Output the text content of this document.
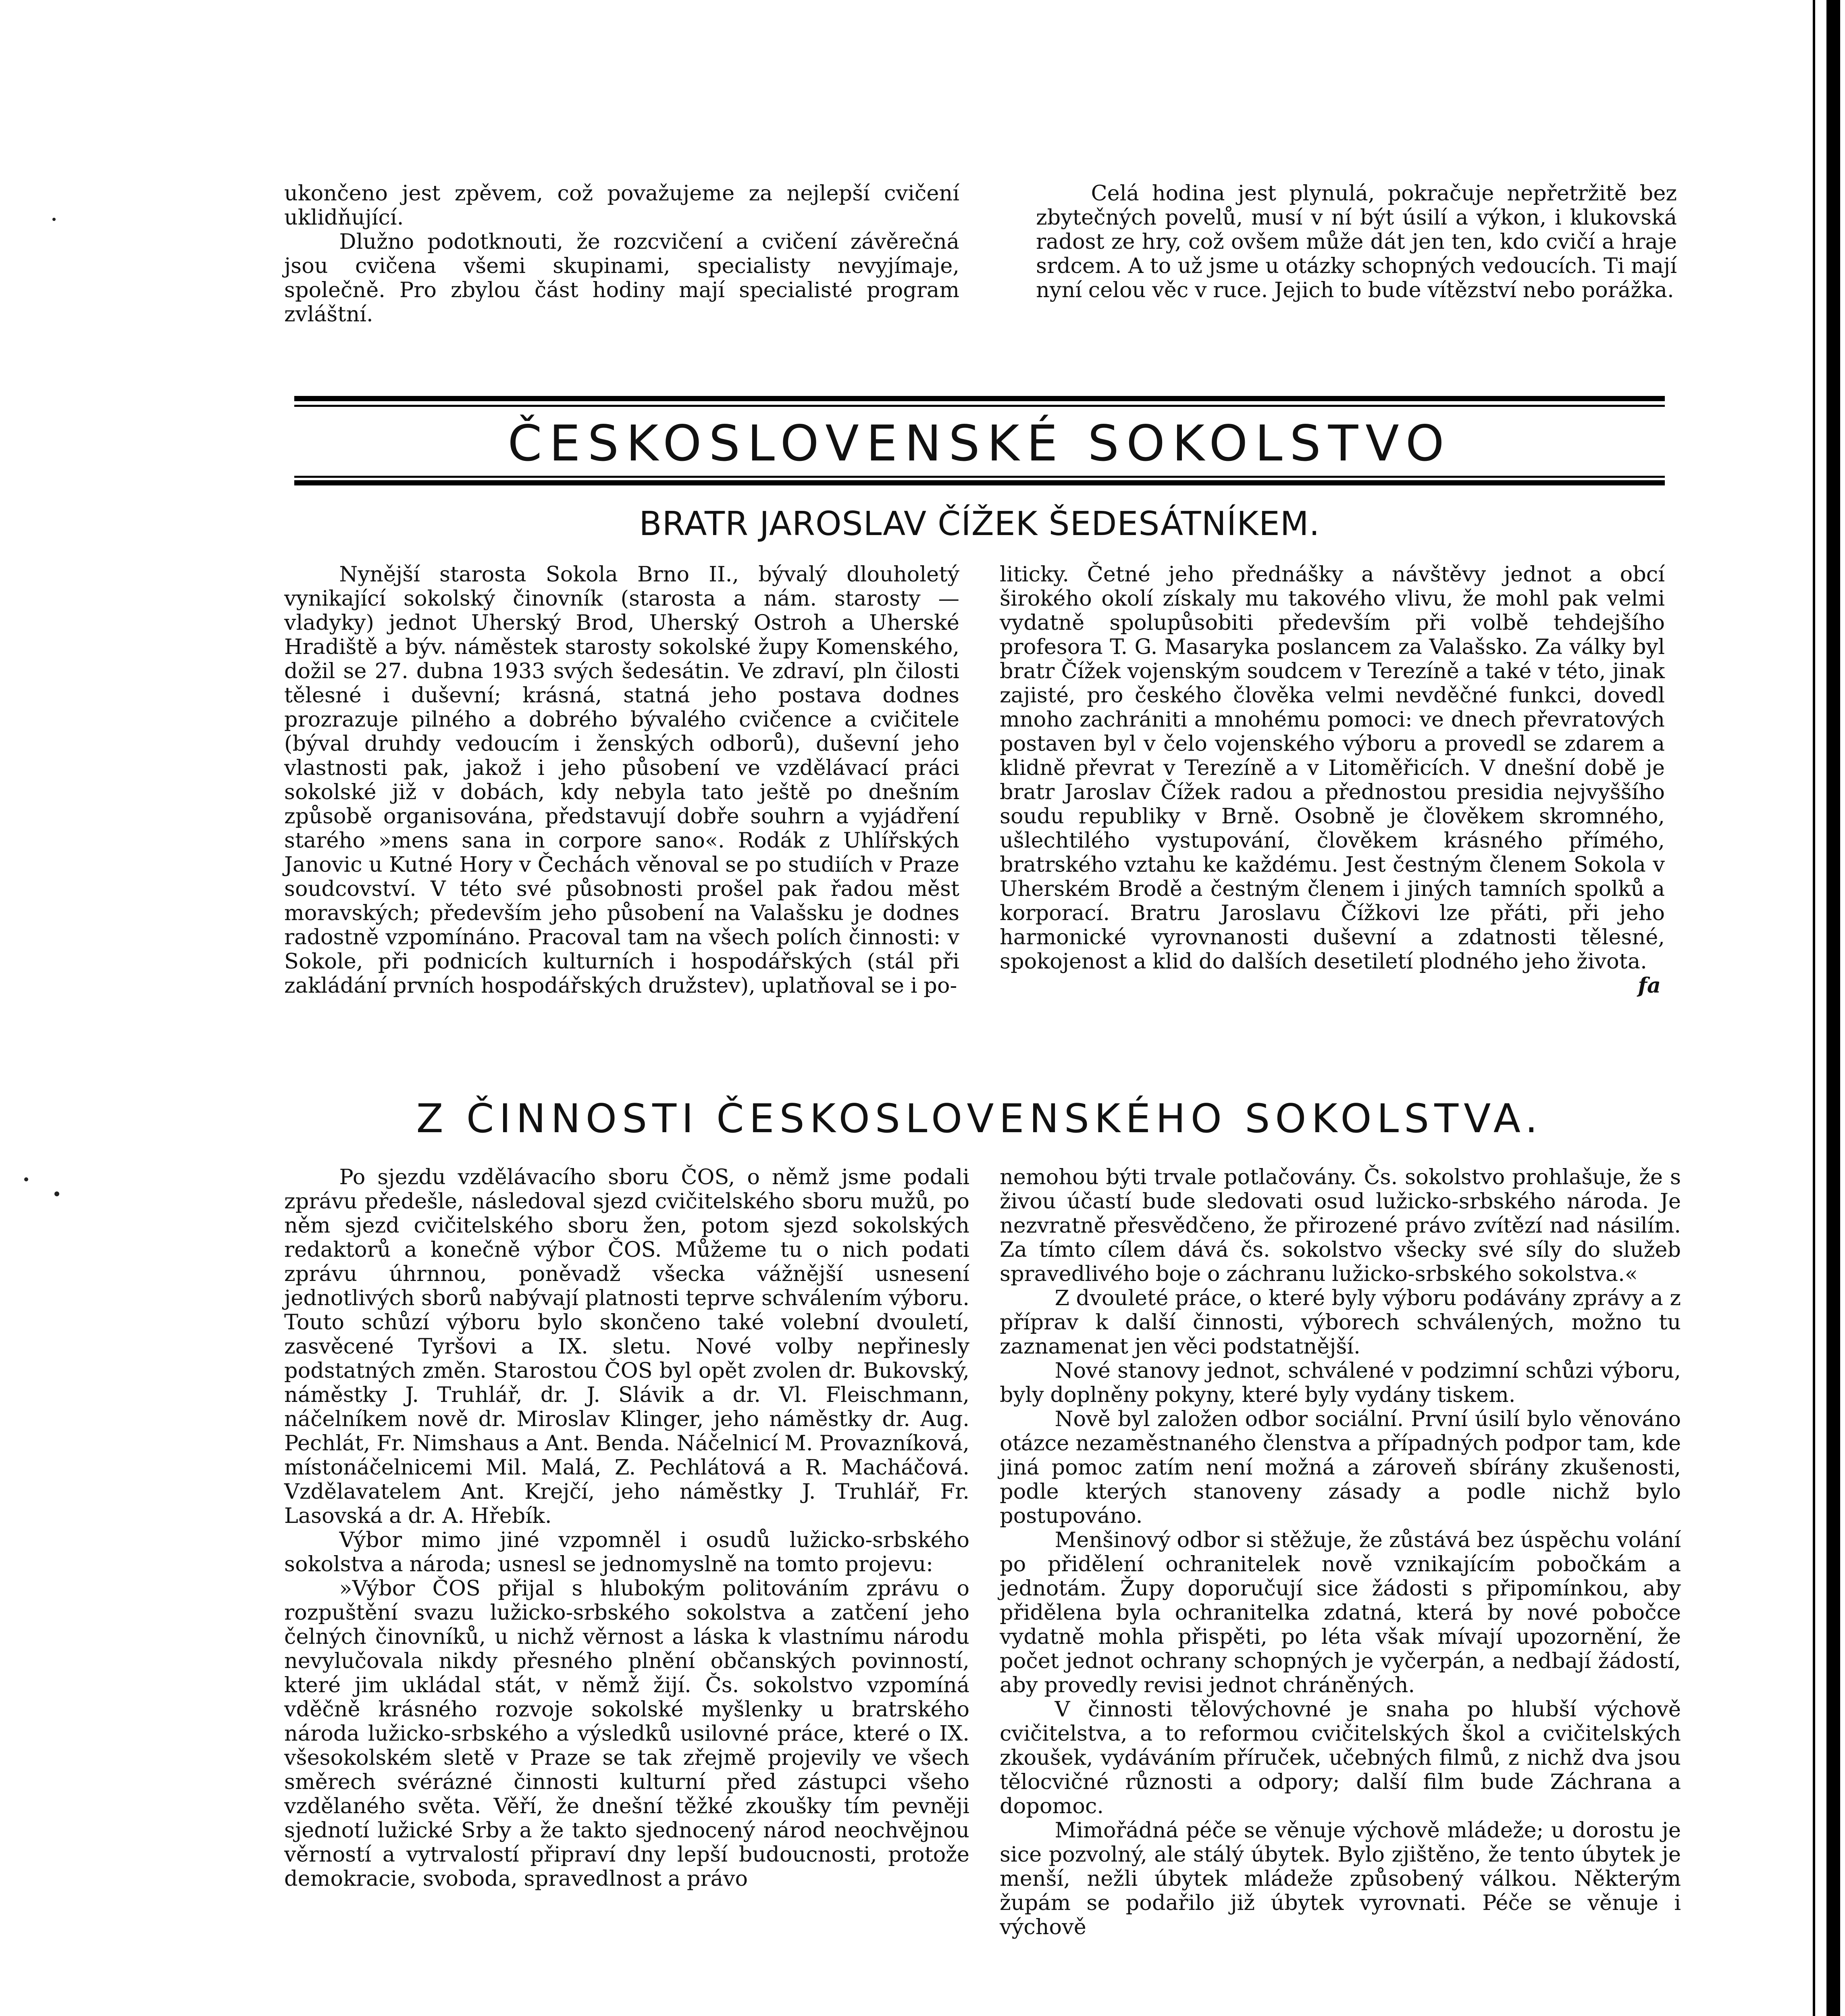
ukončeno jest zpěvem, což považujeme za nejlepší cvičení uklidňující.

Dlužno podotknouti, že rozcvičení a cvičení závěrečná jsou cvičena všemi skupinami, specialisty nevyjímaje, společně. Pro zbylou část hodiny mají specialisté program zvláštní.

Celá hodina jest plynulá, pokračuje nepřetržitě bez zbytečných povelů, musí v ní být úsilí a výkon, i klukovská radost ze hry, což ovšem může dát jen ten, kdo cvičí a hraje srdcem. A to už jsme u otázky schopných vedoucích. Ti mají nyní celou věc v ruce. Jejich to bude vítězství nebo porážka.

ČESKOSLOVENSKÉ SOKOLSTVO
BRATR JAROSLAV ČÍŽEK ŠEDESÁTNÍKEM.

Nynější starosta Sokola Brno II., bývalý dlouholetý vynikající sokolský činovník (starosta a nám. starosty — vladyky) jednot Uherský Brod, Uherský Ostroh a Uherské Hradiště a býv. náměstek starosty sokolské župy Komenského, dožil se 27. dubna 1933 svých šedesátin. Ve zdraví, pln čilosti tělesné i duševní; krásná, statná jeho postava dodnes prozrazuje pilného a dobrého bývalého cvičence a cvičitele (býval druhdy vedoucím i ženských odborů), duševní jeho vlastnosti pak, jakož i jeho působení ve vzdělávací práci sokolské již v dobách, kdy nebyla tato ještě po dnešním způsobě organisována, představují dobře souhrn a vyjádření starého »mens sana in corpore sano«. Rodák z Uhlířských Janovic u Kutné Hory v Čechách věnoval se po studiích v Praze soudcovství. V této své působnosti prošel pak řadou měst moravských; především jeho působení na Valašsku je dodnes radostně vzpomínáno. Pracoval tam na všech polích činnosti: v Sokole, při podnicích kulturních i hospodářských (stál při zakládání prvních hospodářských družstev), uplatňoval se i po-

liticky. Četné jeho přednášky a návštěvy jednot a obcí širokého okolí získaly mu takového vlivu, že mohl pak velmi vydatně spolupůsobiti především při volbě tehdejšího profesora T. G. Masaryka poslancem za Valašsko. Za války byl bratr Čížek vojenským soudcem v Terezíně a také v této, jinak zajisté, pro českého člověka velmi nevděčné funkci, dovedl mnoho zachrániti a mnohému pomoci: ve dnech převratových postaven byl v čelo vojenského výboru a provedl se zdarem a klidně převrat v Terezíně a v Litoměřicích. V dnešní době je bratr Jaroslav Čížek radou a přednostou presidia nejvyššího soudu republiky v Brně. Osobně je člověkem skromného, ušlechtilého vystupování, člověkem krásného přímého, bratrského vztahu ke každému. Jest čestným členem Sokola v Uherském Brodě a čestným členem i jiných tamních spolků a korporací. Bratru Jaroslavu Čížkovi lze přáti, při jeho harmonické vyrovnanosti duševní a zdatnosti tělesné, spokojenost a klid do dalších desetiletí plodného jeho života.
fa

Z ČINNOSTI ČESKOSLOVENSKÉHO SOKOLSTVA.

Po sjezdu vzdělávacího sboru ČOS, o němž jsme podali zprávu předešle, následoval sjezd cvičitelského sboru mužů, po něm sjezd cvičitelského sboru žen, potom sjezd sokolských redaktorů a konečně výbor ČOS. Můžeme tu o nich podati zprávu úhrnnou, poněvadž všecka vážnější usnesení jednotlivých sborů nabývají platnosti teprve schválením výboru. Touto schůzí výboru bylo skončeno také volební dvouletí, zasvěcené Tyršovi a IX. sletu. Nové volby nepřinesly podstatných změn. Starostou ČOS byl opět zvolen dr. Bukovský, náměstky J. Truhlář, dr. J. Slávik a dr. Vl. Fleischmann, náčelníkem nově dr. Miroslav Klinger, jeho náměstky dr. Aug. Pechlát, Fr. Nimshaus a Ant. Benda. Náčelnicí M. Provazníková, místonáčelnicemi Mil. Malá, Z. Pechlátová a R. Macháčová. Vzdělavatelem Ant. Krejčí, jeho náměstky J. Truhlář, Fr. Lasovská a dr. A. Hřebík.

Výbor mimo jiné vzpomněl i osudů lužicko-srbského sokolstva a národa; usnesl se jednomyslně na tomto projevu:

»Výbor ČOS přijal s hlubokým politováním zprávu o rozpuštění svazu lužicko-srbského sokolstva a zatčení jeho čelných činovníků, u nichž věrnost a láska k vlastnímu národu nevylučovala nikdy přesného plnění občanských povinností, které jim ukládal stát, v němž žijí. Čs. sokolstvo vzpomíná vděčně krásného rozvoje sokolské myšlenky u bratrského národa lužicko-srbského a výsledků usilovné práce, které o IX. všesokolském sletě v Praze se tak zřejmě projevily ve všech směrech svérázné činnosti kulturní před zástupci všeho vzdělaného světa. Věří, že dnešní těžké zkoušky tím pevněji sjednotí lužické Srby a že takto sjednocený národ neochvějnou věrností a vytrvalostí připraví dny lepší budoucnosti, protože demokracie, svoboda, spravedlnost a právo

nemohou býti trvale potlačovány. Čs. sokolstvo prohlašuje, že s živou účastí bude sledovati osud lužicko-srbského národa. Je nezvratně přesvědčeno, že přirozené právo zvítězí nad násilím. Za tímto cílem dává čs. sokolstvo všecky své síly do služeb spravedlivého boje o záchranu lužicko-srbského sokolstva.«

Z dvouleté práce, o které byly výboru podávány zprávy a z příprav k další činnosti, výborech schválených, možno tu zaznamenat jen věci podstatnější.

Nové stanovy jednot, schválené v podzimní schůzi výboru, byly doplněny pokyny, které byly vydány tiskem.

Nově byl založen odbor sociální. První úsilí bylo věnováno otázce nezaměstnaného členstva a případných podpor tam, kde jiná pomoc zatím není možná a zároveň sbírány zkušenosti, podle kterých stanoveny zásady a podle nichž bylo postupováno.

Menšinový odbor si stěžuje, že zůstává bez úspěchu volání po přidělení ochranitelek nově vznikajícím pobočkám a jednotám. Župy doporučují sice žádosti s připomínkou, aby přidělena byla ochranitelka zdatná, která by nové pobočce vydatně mohla přispěti, po léta však mívají upozornění, že počet jednot ochrany schopných je vyčerpán, a nedbají žádostí, aby provedly revisi jednot chráněných.

V činnosti tělovýchovné je snaha po hlubší výchově cvičitelstva, a to reformou cvičitelských škol a cvičitelských zkoušek, vydáváním příruček, učebných filmů, z nichž dva jsou tělocvičné různosti a odpory; další film bude Záchrana a dopomoc.

Mimořádná péče se věnuje výchově mládeže; u dorostu je sice pozvolný, ale stálý úbytek. Bylo zjištěno, že tento úbytek je menší, nežli úbytek mládeže způsobený válkou. Některým župám se podařilo již úbytek vyrovnati. Péče se věnuje i výchově
